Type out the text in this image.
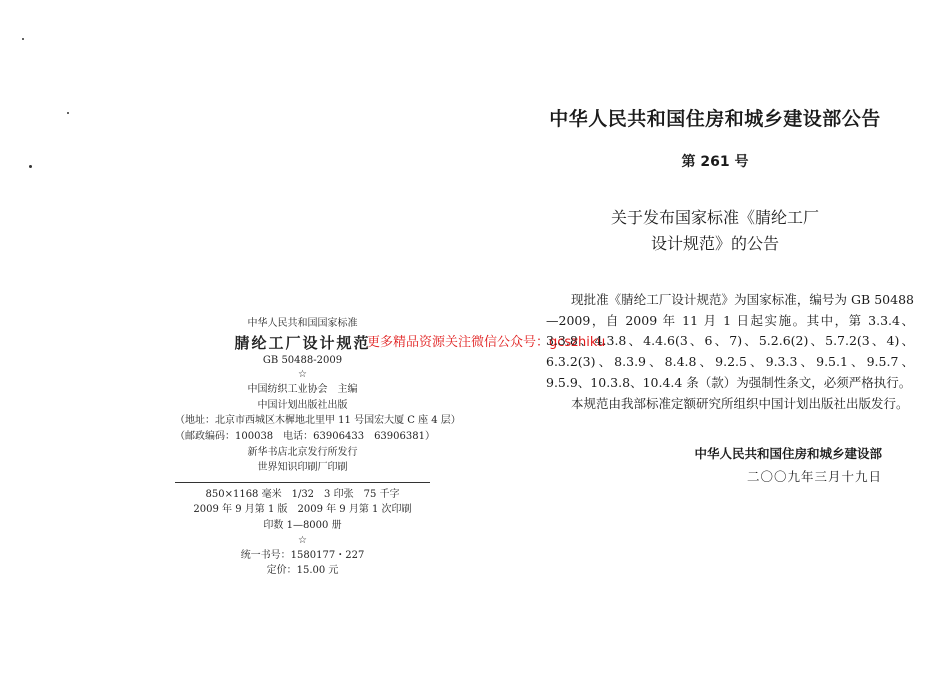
中华人民共和国国家标准
腈纶工厂设计规范
GB 50488-2009
☆
中国纺织工业协会　主编
中国计划出版社出版
（地址：北京市西城区木樨地北里甲 11 号国宏大厦 C 座 4 层）
（邮政编码：100038　电话：63906433　63906381）
新华书店北京发行所发行
世界知识印刷厂印刷
850×1168 毫米　1/32　3 印张　75 千字
2009 年 9 月第 1 版　2009 年 9 月第 1 次印刷
印数 1—8000 册
☆
统一书号：1580177・227
定价：15.00 元
更多精品资源关注微信公众号：gcszhiku
中华人民共和国住房和城乡建设部公告
第 261 号
关于发布国家标准《腈纶工厂
设计规范》的公告

现批准《腈纶工厂设计规范》为国家标准，编号为 GB 50488—2009，自 2009 年 11 月 1 日起实施。其中，第 3.3.4、3.3.8、4.3.8、4.4.6(3、6、7)、5.2.6(2)、5.7.2(3、4)、6.3.2(3)、8.3.9、8.4.8、9.2.5、9.3.3、9.5.1、9.5.7、9.5.9、10.3.8、10.4.4 条（款）为强制性条文，必须严格执行。

本规范由我部标准定额研究所组织中国计划出版社出版发行。

中华人民共和国住房和城乡建设部
二〇〇九年三月十九日
